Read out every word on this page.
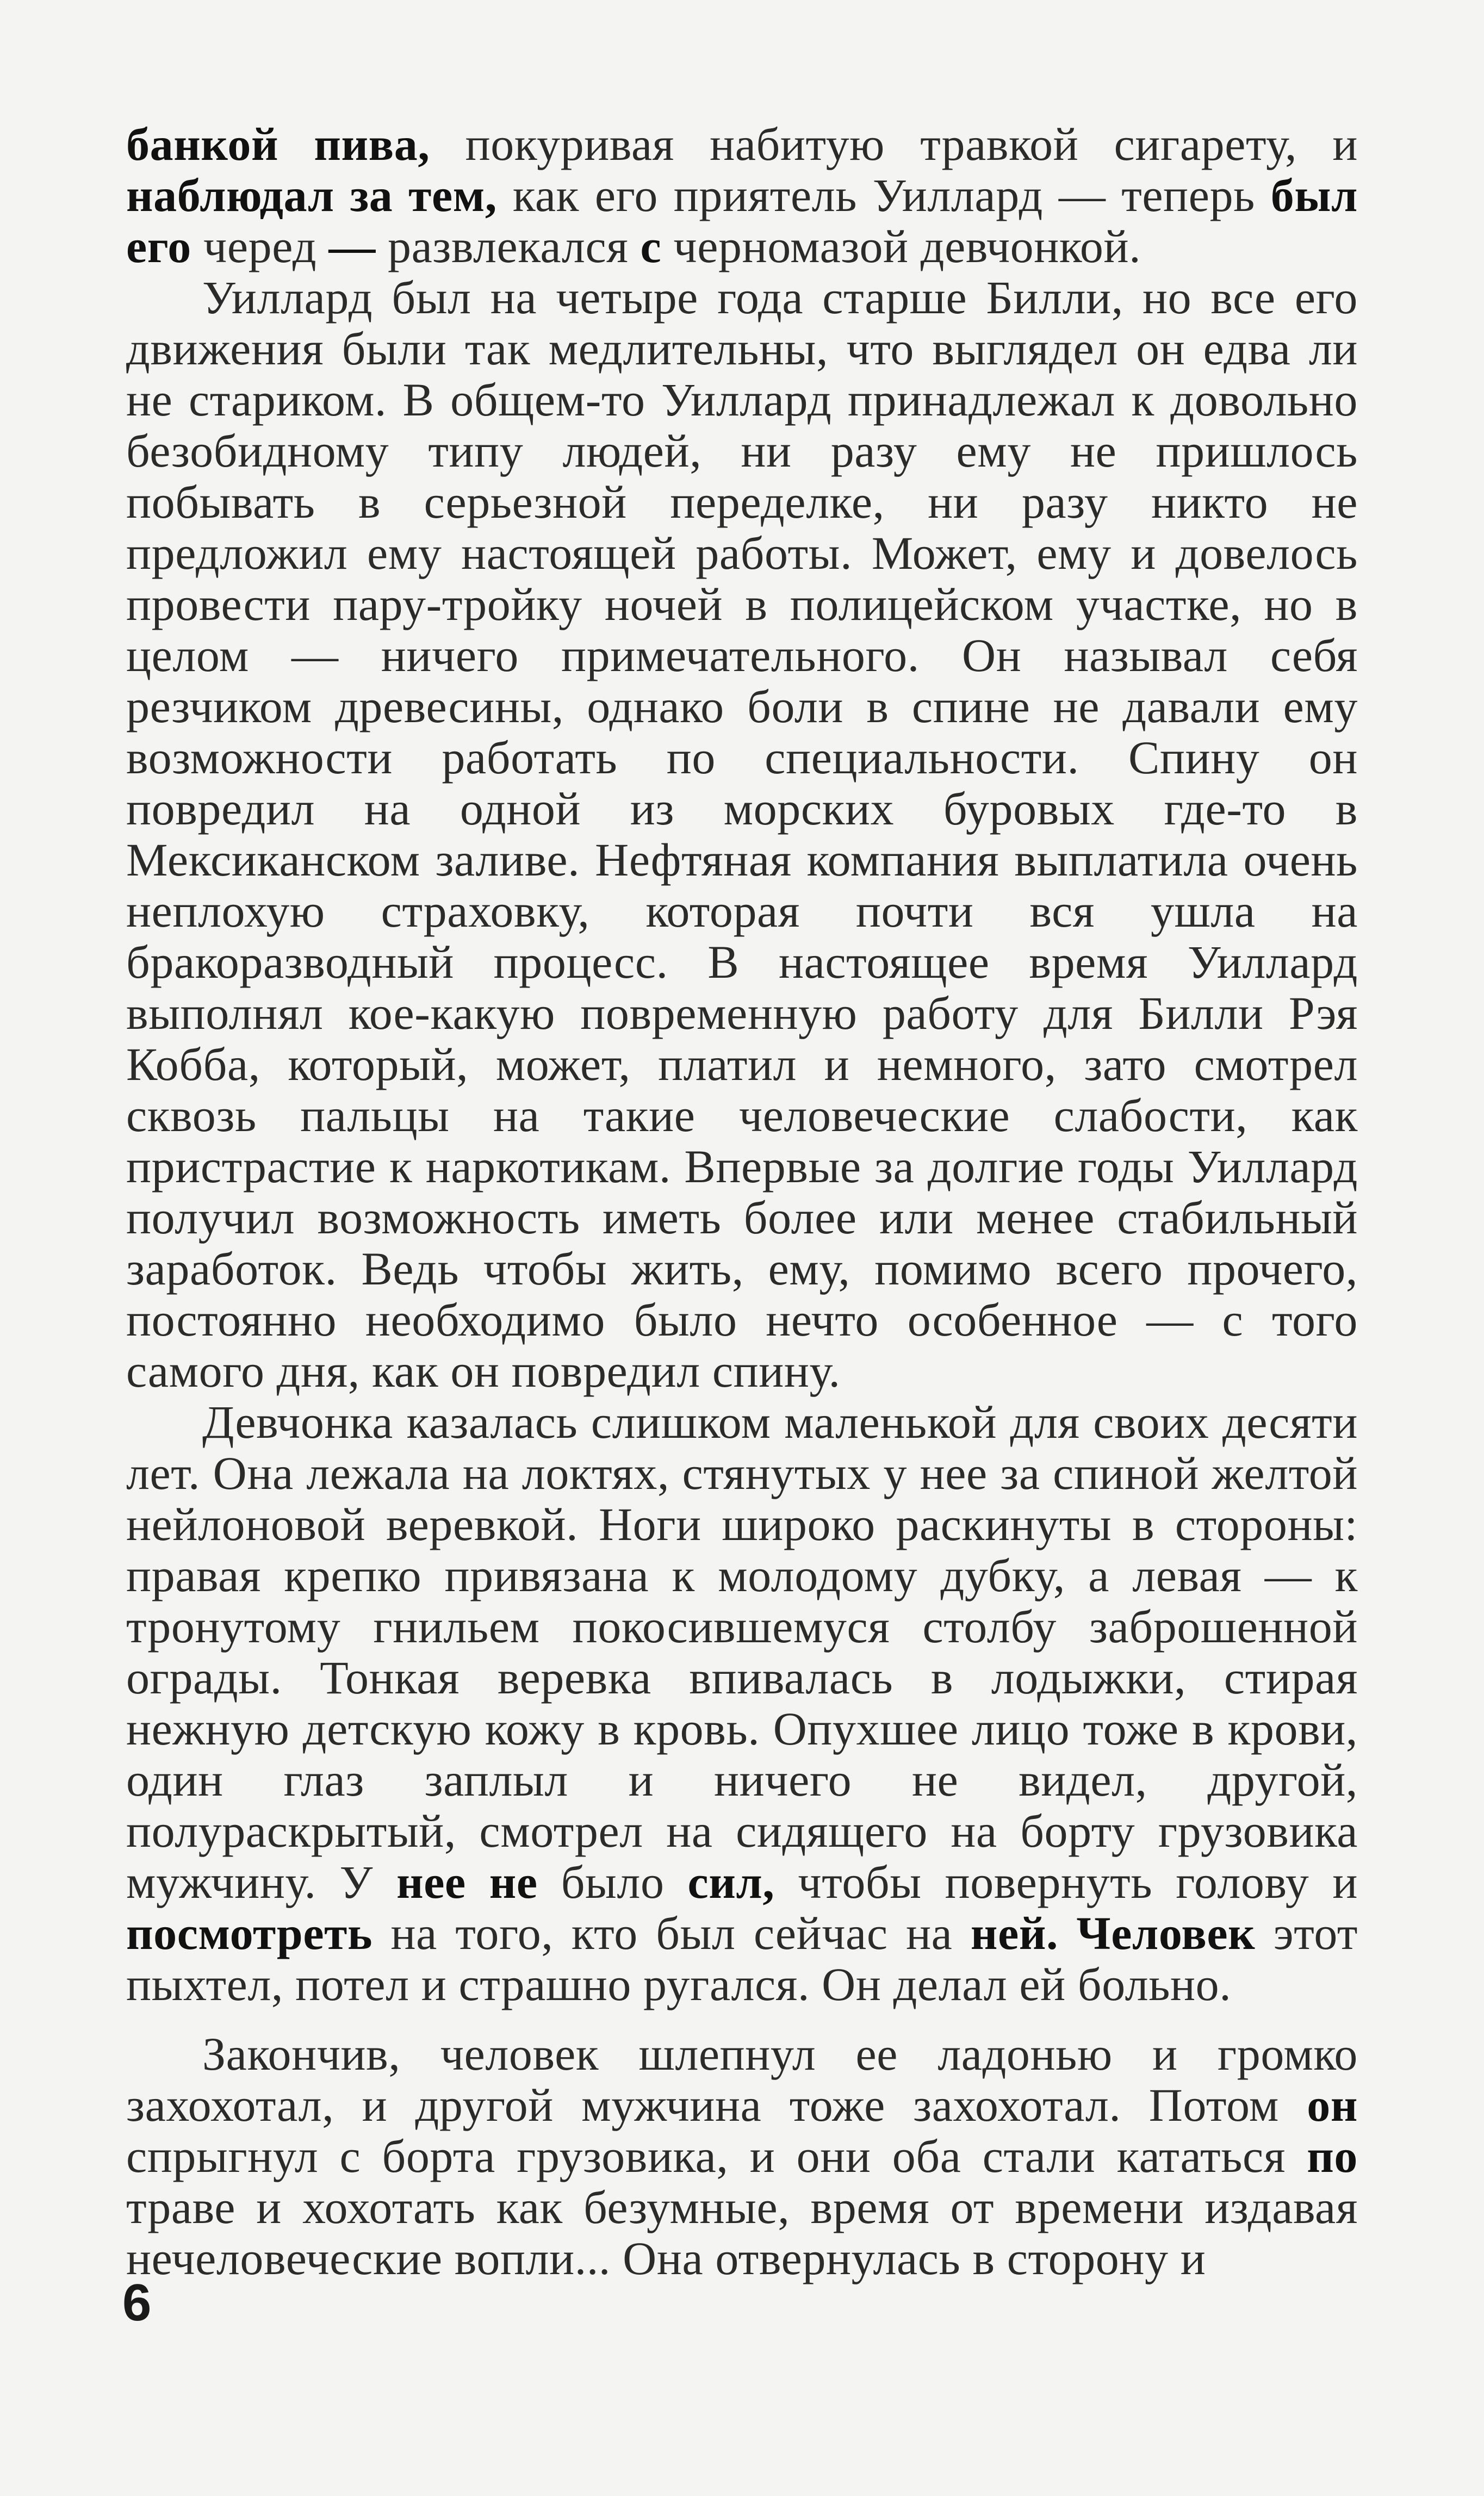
банкой пива, покуривая набитую травкой сигарету, и наблюдал за тем, как его приятель Уиллард — теперь был его черед — развлекался с черномазой девчонкой.

Уиллард был на четыре года старше Билли, но все его движения были так медлительны, что выглядел он едва ли не стариком. В общем-то Уиллард принадлежал к довольно безобидному типу людей, ни разу ему не пришлось побывать в серьезной переделке, ни разу никто не предложил ему настоящей работы. Может, ему и довелось провести пару-тройку ночей в полицейском участке, но в целом — ничего примечательного. Он называл себя резчиком древесины, однако боли в спине не давали ему возможности работать по специальности. Спину он повредил на одной из морских буровых где-то в Мексиканском заливе. Нефтяная компания выплатила очень неплохую страховку, которая почти вся ушла на бракоразводный процесс. В настоящее время Уиллард выполнял кое-какую повременную работу для Билли Рэя Кобба, который, может, платил и немного, зато смотрел сквозь пальцы на такие человеческие слабости, как пристрастие к наркотикам. Впервые за долгие годы Уиллард получил возможность иметь более или менее стабильный заработок. Ведь чтобы жить, ему, помимо всего прочего, постоянно необходимо было нечто особенное — с того самого дня, как он повредил спину.

Девчонка казалась слишком маленькой для своих десяти лет. Она лежала на локтях, стянутых у нее за спиной желтой нейлоновой веревкой. Ноги широко раскинуты в стороны: правая крепко привязана к молодому дубку, а левая — к тронутому гнильем покосившемуся столбу заброшенной ограды. Тонкая веревка впивалась в лодыжки, стирая нежную детскую кожу в кровь. Опухшее лицо тоже в крови, один глаз заплыл и ничего не видел, другой, полураскрытый, смотрел на сидящего на борту грузовика мужчину. У нее не было сил, чтобы повернуть голову и посмотреть на того, кто был сейчас на ней. Человек этот пыхтел, потел и страшно ругался. Он делал ей больно.

Закончив, человек шлепнул ее ладонью и громко захохотал, и другой мужчина тоже захохотал. Потом он спрыгнул с борта грузовика, и они оба стали кататься по траве и хохотать как безумные, время от времени издавая нечеловеческие вопли... Она отвернулась в сторону и

6
